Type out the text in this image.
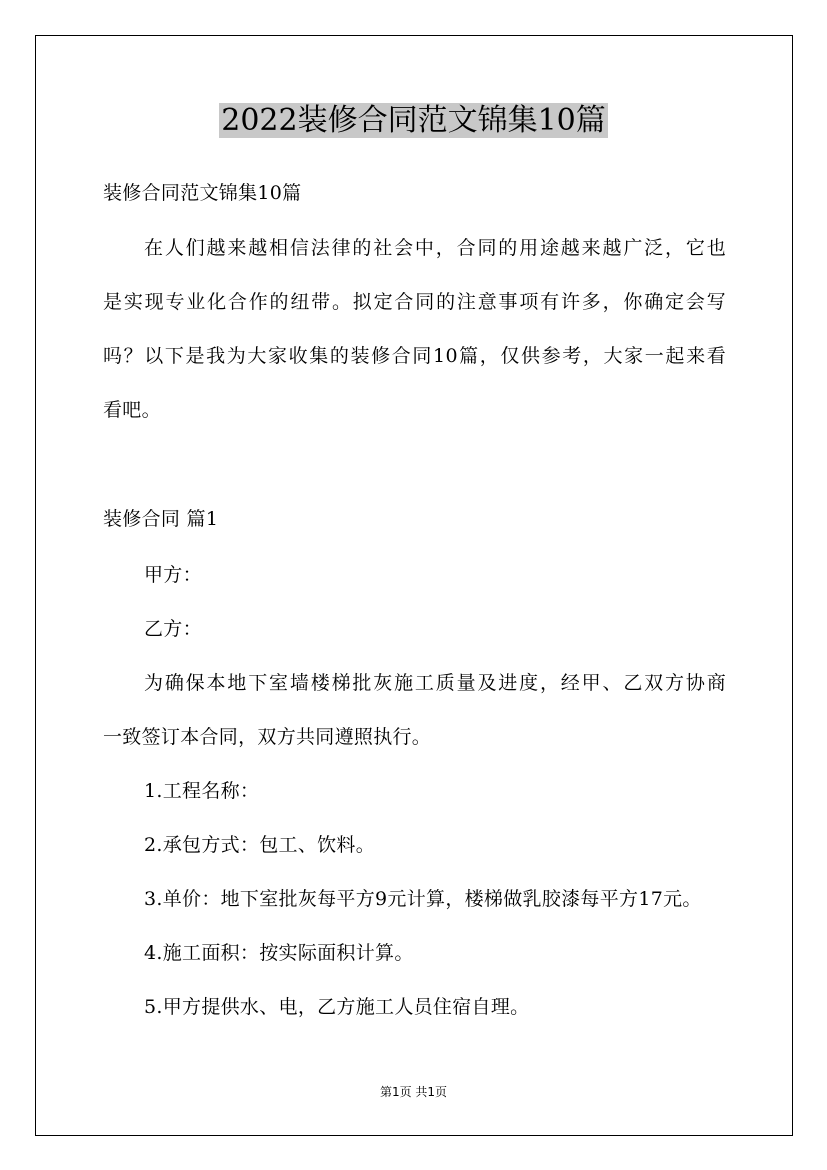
2022装修合同范文锦集10篇
装修合同范文锦集10篇
在人们越来越相信法律的社会中，合同的用途越来越广泛，它也
是实现专业化合作的纽带。拟定合同的注意事项有许多，你确定会写
吗？以下是我为大家收集的装修合同10篇，仅供参考，大家一起来看
看吧。
装修合同 篇1
甲方：
乙方：
为确保本地下室墙楼梯批灰施工质量及进度，经甲、乙双方协商
一致签订本合同，双方共同遵照执行。
1.工程名称：
2.承包方式：包工、饮料。
3.单价：地下室批灰每平方9元计算，楼梯做乳胶漆每平方17元。
4.施工面积：按实际面积计算。
5.甲方提供水、电，乙方施工人员住宿自理。
第1页 共1页
